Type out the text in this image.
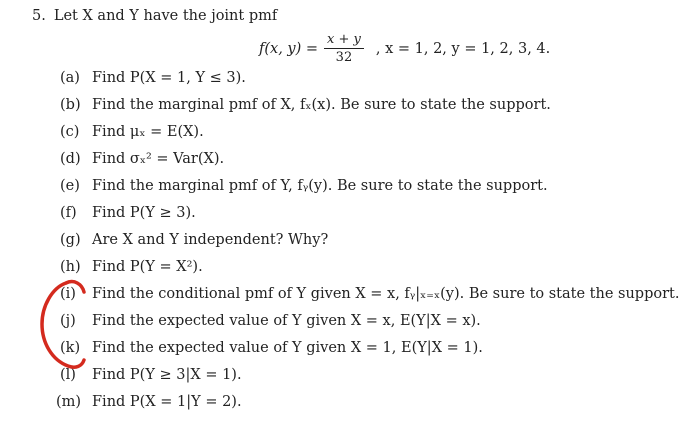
5. Let X and Y have the joint pmf
f(x, $y) = \frac{x + y}{32}$ , x = 1, 2, y = 1, 2, 3, 4.
(a) Find P(X = 1, Y ≤ 3).
(b) Find the marginal pmf of X, fₓ(x). Be sure to state the support.
(c) Find μₓ = E(X).
(d) Find σₓ² = Var(X).
(e) Find the marginal pmf of Y, fᵧ(y). Be sure to state the support.
(f)	Find P(Y ≥ 3).
(g) Are X and Y independent? Why?
(h) Find P(Y = X²).
(i)	Find the conditional pmf of Y given X = x, fᵧ|ₓ₌ₓ(y). Be sure to state the support.
(j)	Find the expected value of Y given X = x, E(Y|X = x).
(k) Find the expected value of Y given X = 1, E(Y|X = 1).
(l)	Find P(Y ≥ 3|X = 1).
(m) Find P(X = 1|Y = 2).
